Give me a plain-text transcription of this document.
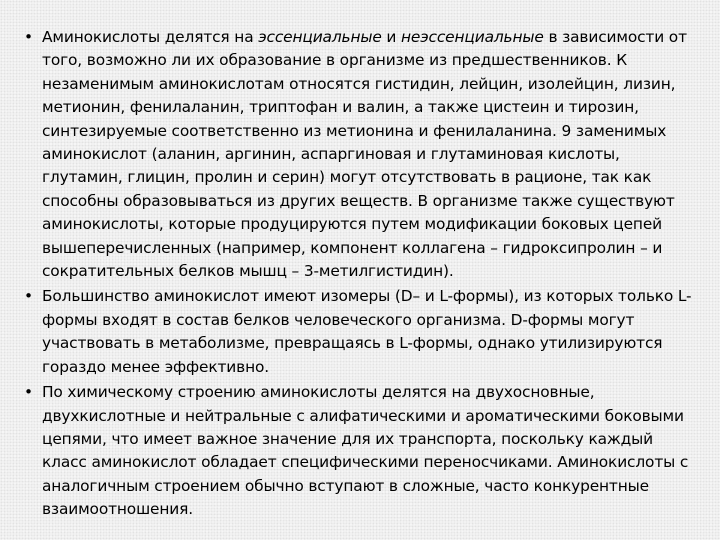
• Аминокислоты делятся на эссенциальные и неэссенциальные в зависимости от того, возможно ли их образование в организме из предшественников. К незаменимым аминокислотам относятся гистидин, лейцин, изолейцин, лизин, метионин, фенилаланин, триптофан и валин, а также цистеин и тирозин, синтезируемые соответственно из метионина и фенилаланина. 9 заменимых аминокислот (аланин, аргинин, аспаргиновая и глутаминовая кислоты, глутамин, глицин, пролин и серин) могут отсутствовать в рационе, так как способны образовываться из других веществ. В организме также существуют аминокислоты, которые продуцируются путем модификации боковых цепей вышеперечисленных (например, компонент коллагена – гидроксипролин – и сократительных белков мышц – 3-метилгистидин).
• Большинство аминокислот имеют изомеры (D– и L-формы), из которых только L-формы входят в состав белков человеческого организма. D-формы могут участвовать в метаболизме, превращаясь в L-формы, однако утилизируются гораздо менее эффективно.
• По химическому строению аминокислоты делятся на двухосновные, двухкислотные и нейтральные с алифатическими и ароматическими боковыми цепями, что имеет важное значение для их транспорта, поскольку каждый класс аминокислот обладает специфическими переносчиками. Аминокислоты с аналогичным строением обычно вступают в сложные, часто конкурентные взаимоотношения.
